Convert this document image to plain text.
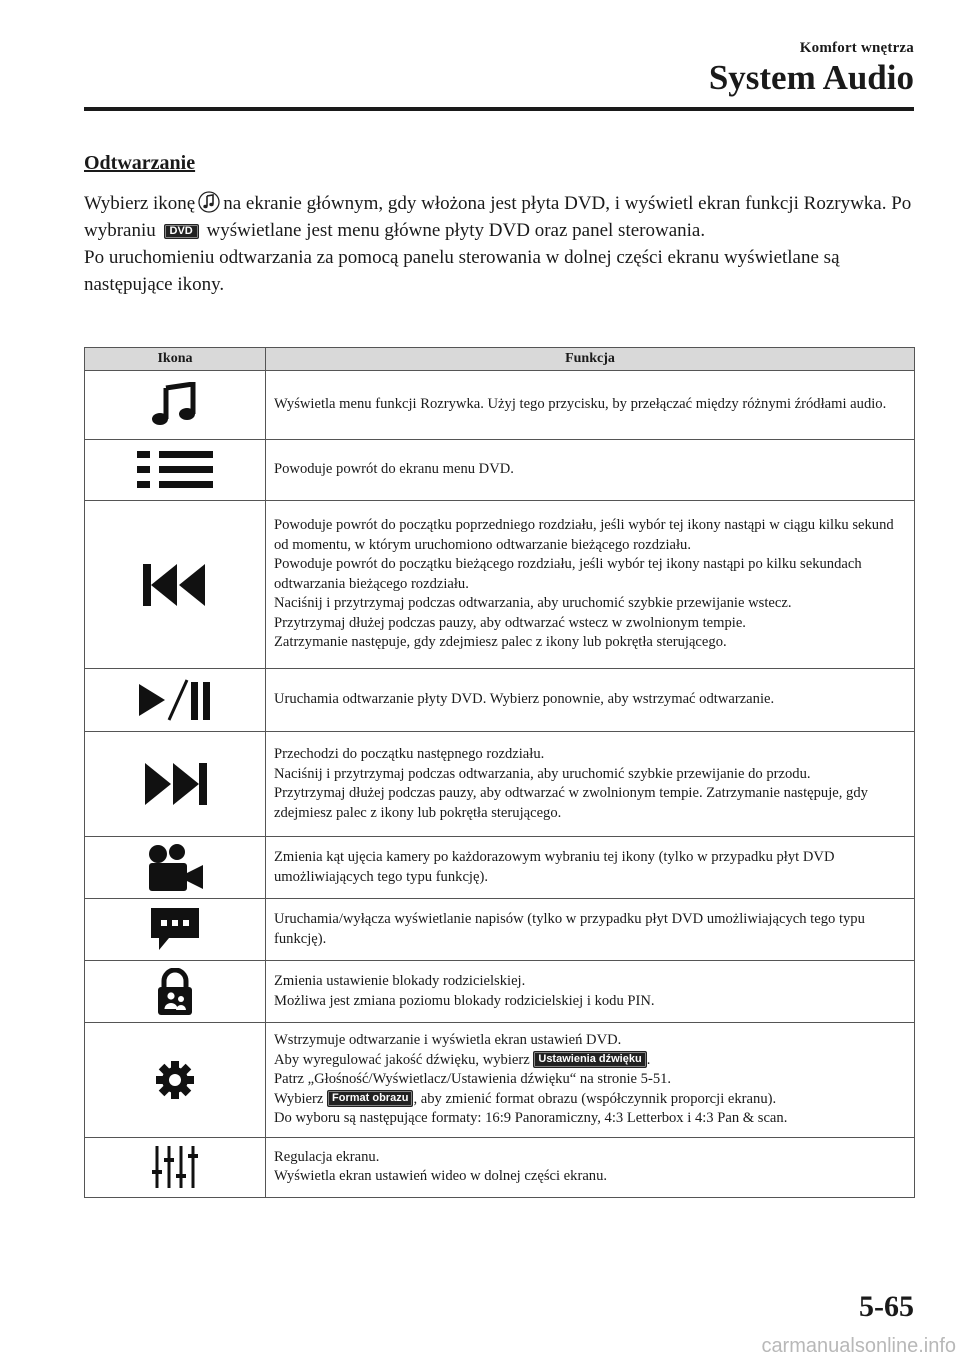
Komfort wnętrza
System Audio
Odtwarzanie

Wybierz ikonę na ekranie głównym, gdy włożona jest płyta DVD, i wyświetl ekran funkcji Rozrywka. Po wybraniu DVD wyświetlane jest menu główne płyty DVD oraz panel sterowania.

Po uruchomieniu odtwarzania za pomocą panelu sterowania w dolnej części ekranu wyświetlane są następujące ikony.

Ikona	Funkcja

Wyświetla menu funkcji Rozrywka. Użyj tego przycisku, by przełączać między różnymi źródłami audio.

Powoduje powrót do ekranu menu DVD.

Powoduje powrót do początku poprzedniego rozdziału, jeśli wybór tej ikony nastąpi w ciągu kilku sekund od momentu, w którym uruchomiono odtwarzanie bieżącego rozdziału.
Powoduje powrót do początku bieżącego rozdziału, jeśli wybór tej ikony nastąpi po kilku sekundach odtwarzania bieżącego rozdziału.
Naciśnij i przytrzymaj podczas odtwarzania, aby uruchomić szybkie przewijanie wstecz.
Przytrzymaj dłużej podczas pauzy, aby odtwarzać wstecz w zwolnionym tempie.
Zatrzymanie następuje, gdy zdejmiesz palec z ikony lub pokrętła sterującego.

Uruchamia odtwarzanie płyty DVD. Wybierz ponownie, aby wstrzymać odtwarzanie.

Przechodzi do początku następnego rozdziału.
Naciśnij i przytrzymaj podczas odtwarzania, aby uruchomić szybkie przewijanie do przodu.
Przytrzymaj dłużej podczas pauzy, aby odtwarzać w zwolnionym tempie. Zatrzymanie następuje, gdy zdejmiesz palec z ikony lub pokrętła sterującego.

Zmienia kąt ujęcia kamery po każdorazowym wybraniu tej ikony (tylko w przypadku płyt DVD umożliwiających tego typu funkcję).

Uruchamia/wyłącza wyświetlanie napisów (tylko w przypadku płyt DVD umożliwiających tego typu funkcję).

Zmienia ustawienie blokady rodzicielskiej.
Możliwa jest zmiana poziomu blokady rodzicielskiej i kodu PIN.

Wstrzymuje odtwarzanie i wyświetla ekran ustawień DVD.
Aby wyregulować jakość dźwięku, wybierz Ustawienia dźwięku .
Patrz „Głośność/Wyświetlacz/Ustawienia dźwięku“ na stronie 5-51.
Wybierz Format obrazu , aby zmienić format obrazu (współczynnik proporcji ekranu).
Do wyboru są następujące formaty: 16:9 Panoramiczny, 4:3 Letterbox i 4:3 Pan & scan.

Regulacja ekranu.
Wyświetla ekran ustawień wideo w dolnej części ekranu.
5-65
carmanualsonline.info
